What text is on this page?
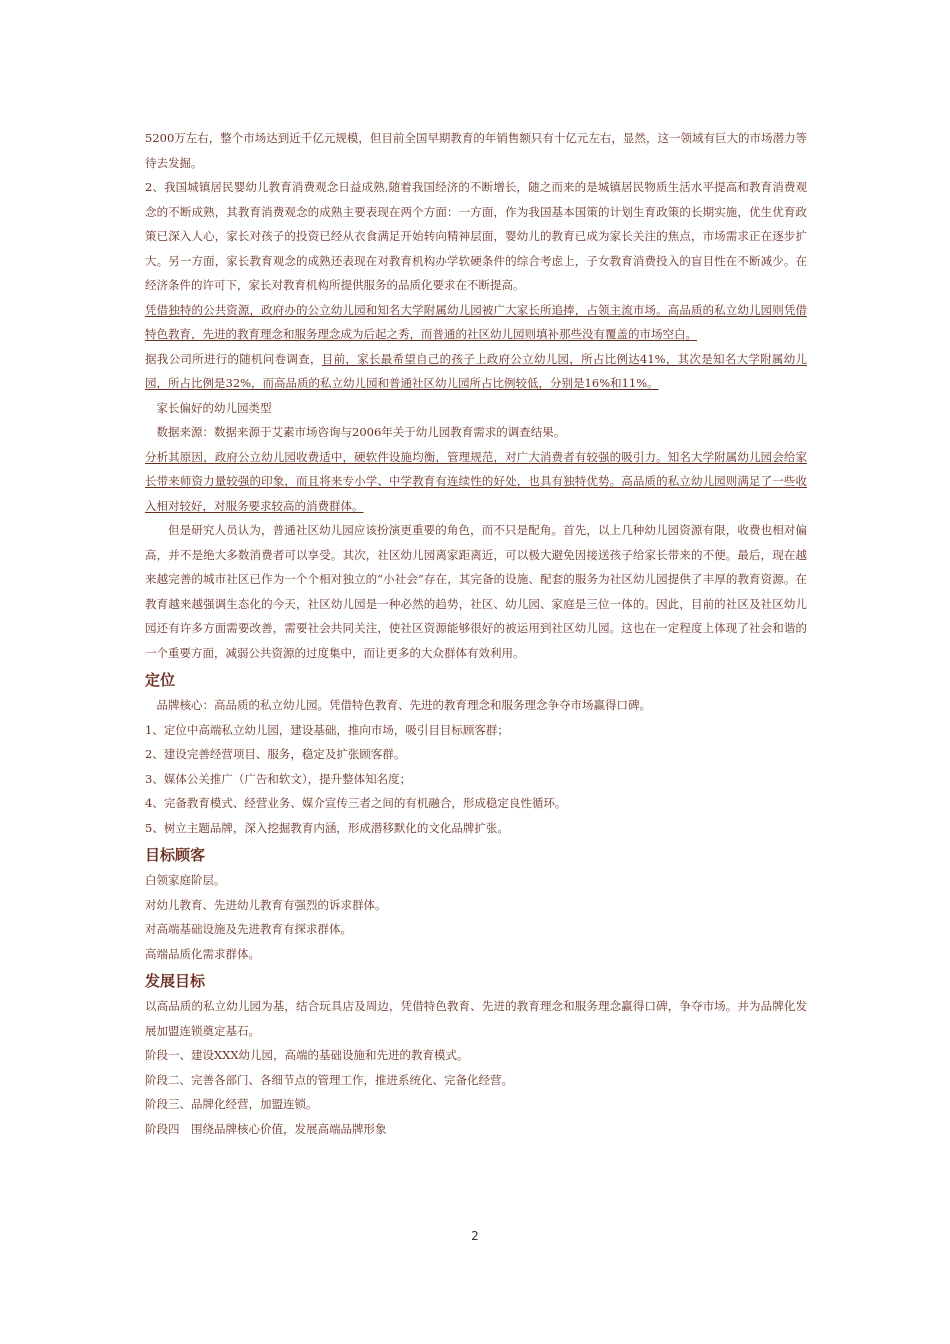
5200万左右，整个市场达到近千亿元规模，但目前全国早期教育的年销售额只有十亿元左右，显然，这一领域有巨大的市场潜力等待去发掘。

2、我国城镇居民婴幼儿教育消费观念日益成熟,随着我国经济的不断增长，随之而来的是城镇居民物质生活水平提高和教育消费观念的不断成熟，其教育消费观念的成熟主要表现在两个方面：一方面，作为我国基本国策的计划生育政策的长期实施，优生优育政策已深入人心，家长对孩子的投资已经从衣食满足开始转向精神层面，婴幼儿的教育已成为家长关注的焦点，市场需求正在逐步扩大。另一方面，家长教育观念的成熟还表现在对教育机构办学软硬条件的综合考虑上，子女教育消费投入的盲目性在不断减少。在经济条件的许可下，家长对教育机构所提供服务的品质化要求在不断提高。

凭借独特的公共资源，政府办的公立幼儿园和知名大学附属幼儿园被广大家长所追捧，占领主流市场。高品质的私立幼儿园则凭借特色教育，先进的教育理念和服务理念成为后起之秀，而普通的社区幼儿园则填补那些没有覆盖的市场空白。

据我公司所进行的随机问卷调查，目前，家长最希望自己的孩子上政府公立幼儿园，所占比例达41%，其次是知名大学附属幼儿园，所占比例是32%，而高品质的私立幼儿园和普通社区幼儿园所占比例较低，分别是16%和11%。

家长偏好的幼儿园类型

数据来源：数据来源于艾素市场咨询与2006年关于幼儿园教育需求的调查结果。

分析其原因，政府公立幼儿园收费适中，硬软件设施均衡，管理规范，对广大消费者有较强的吸引力。知名大学附属幼儿园会给家长带来师资力量较强的印象，而且将来专小学、中学教育有连续性的好处，也具有独特优势。高品质的私立幼儿园则满足了一些收入相对较好，对服务要求较高的消费群体。

但是研究人员认为，普通社区幼儿园应该扮演更重要的角色，而不只是配角。首先，以上几种幼儿园资源有限，收费也相对偏高，并不是绝大多数消费者可以享受。其次，社区幼儿园离家距离近，可以极大避免因接送孩子给家长带来的不便。最后，现在越来越完善的城市社区已作为一个个相对独立的“小社会”存在，其完备的设施、配套的服务为社区幼儿园提供了丰厚的教育资源。在教育越来越强调生态化的今天，社区幼儿园是一种必然的趋势，社区、幼儿园、家庭是三位一体的。因此，目前的社区及社区幼儿园还有许多方面需要改善，需要社会共同关注，使社区资源能够很好的被运用到社区幼儿园。这也在一定程度上体现了社会和谐的一个重要方面，减弱公共资源的过度集中，而让更多的大众群体有效利用。

定位

品牌核心：高品质的私立幼儿园。凭借特色教育、先进的教育理念和服务理念争夺市场赢得口碑。

1、定位中高端私立幼儿园，建设基础，推向市场，吸引目目标顾客群；

2、建设完善经营项目、服务，稳定及扩张顾客群。

3、媒体公关推广（广告和软文），提升整体知名度；

4、完备教育模式、经营业务、媒介宣传三者之间的有机融合，形成稳定良性循环。

5、树立主题品牌，深入挖掘教育内涵，形成潜移默化的文化品牌扩张。

目标顾客

白领家庭阶层。

对幼儿教育、先进幼儿教育有强烈的诉求群体。

对高端基础设施及先进教育有探求群体。

高端品质化需求群体。

发展目标

以高品质的私立幼儿园为基，结合玩具店及周边，凭借特色教育、先进的教育理念和服务理念赢得口碑，争夺市场。并为品牌化发展加盟连锁奠定基石。

阶段一、建设XXX幼儿园，高端的基础设施和先进的教育模式。

阶段二、完善各部门、各细节点的管理工作，推进系统化、完备化经营。

阶段三、品牌化经营，加盟连锁。

阶段四　围绕品牌核心价值，发展高端品牌形象

2
